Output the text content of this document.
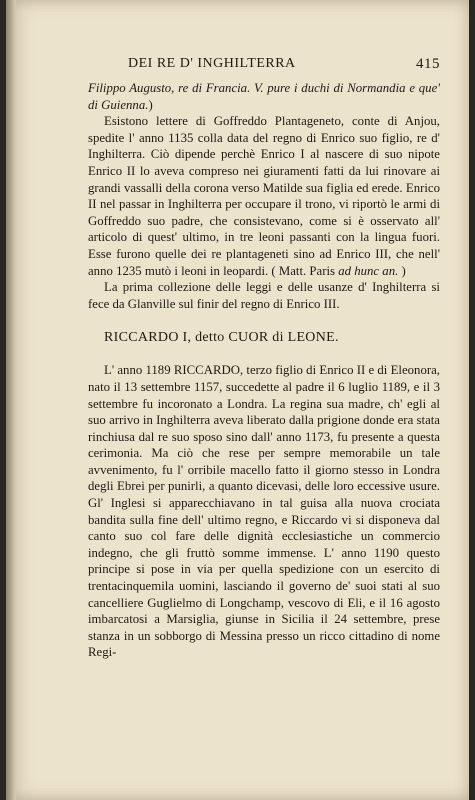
DEI RE D' INGHILTERRA	415

Filippo Augusto, re di Francia. V. pure i duchi di Normandia e que' di Guienna.)

Esistono lettere di Goffreddo Plantageneto, conte di Anjou, spedite l' anno 1135 colla data del regno di Enrico suo figlio, re d' Inghilterra. Ciò dipende perchè Enrico I al nascere di suo nipote Enrico II lo aveva compreso nei giuramenti fatti da lui rinovare ai grandi vassalli della corona verso Matilde sua figlia ed erede. Enrico II nel passar in Inghilterra per occupare il trono, vi riportò le armi di Goffreddo suo padre, che consistevano, come si è osservato all' articolo di quest' ultimo, in tre leoni passanti con la lingua fuori. Esse furono quelle dei re plantageneti sino ad Enrico III, che nell' anno 1235 mutò i leoni in leopardi. ( Matt. Paris ad hunc an. )

La prima collezione delle leggi e delle usanze d' Inghilterra si fece da Glanville sul finir del regno di Enrico III.

RICCARDO I, detto CUOR di LEONE.

L' anno 1189 RICCARDO, terzo figlio di Enrico II e di Eleonora, nato il 13 settembre 1157, succedette al padre il 6 luglio 1189, e il 3 settembre fu incoronato a Londra. La regina sua madre, ch' egli al suo arrivo in Inghilterra aveva liberato dalla prigione donde era stata rinchiusa dal re suo sposo sino dall' anno 1173, fu presente a questa cerimonia. Ma ciò che rese per sempre memorabile un tale avvenimento, fu l' orribile macello fatto il giorno stesso in Londra degli Ebrei per punirli, a quanto dicevasi, delle loro eccessive usure. Gl' Inglesi si apparecchiavano in tal guisa alla nuova crociata bandita sulla fine dell' ultimo regno, e Riccardo vi si disponeva dal canto suo col fare delle dignità ecclesiastiche un commercio indegno, che gli fruttò somme immense. L' anno 1190 questo principe si pose in via per quella spedizione con un esercito di trentacinquemila uomini, lasciando il governo de' suoi stati al suo cancelliere Guglielmo di Longchamp, vescovo di Eli, e il 16 agosto imbarcatosi a Marsiglia, giunse in Sicilia il 24 settembre, prese stanza in un sobborgo di Messina presso un ricco cittadino di nome Regi-
